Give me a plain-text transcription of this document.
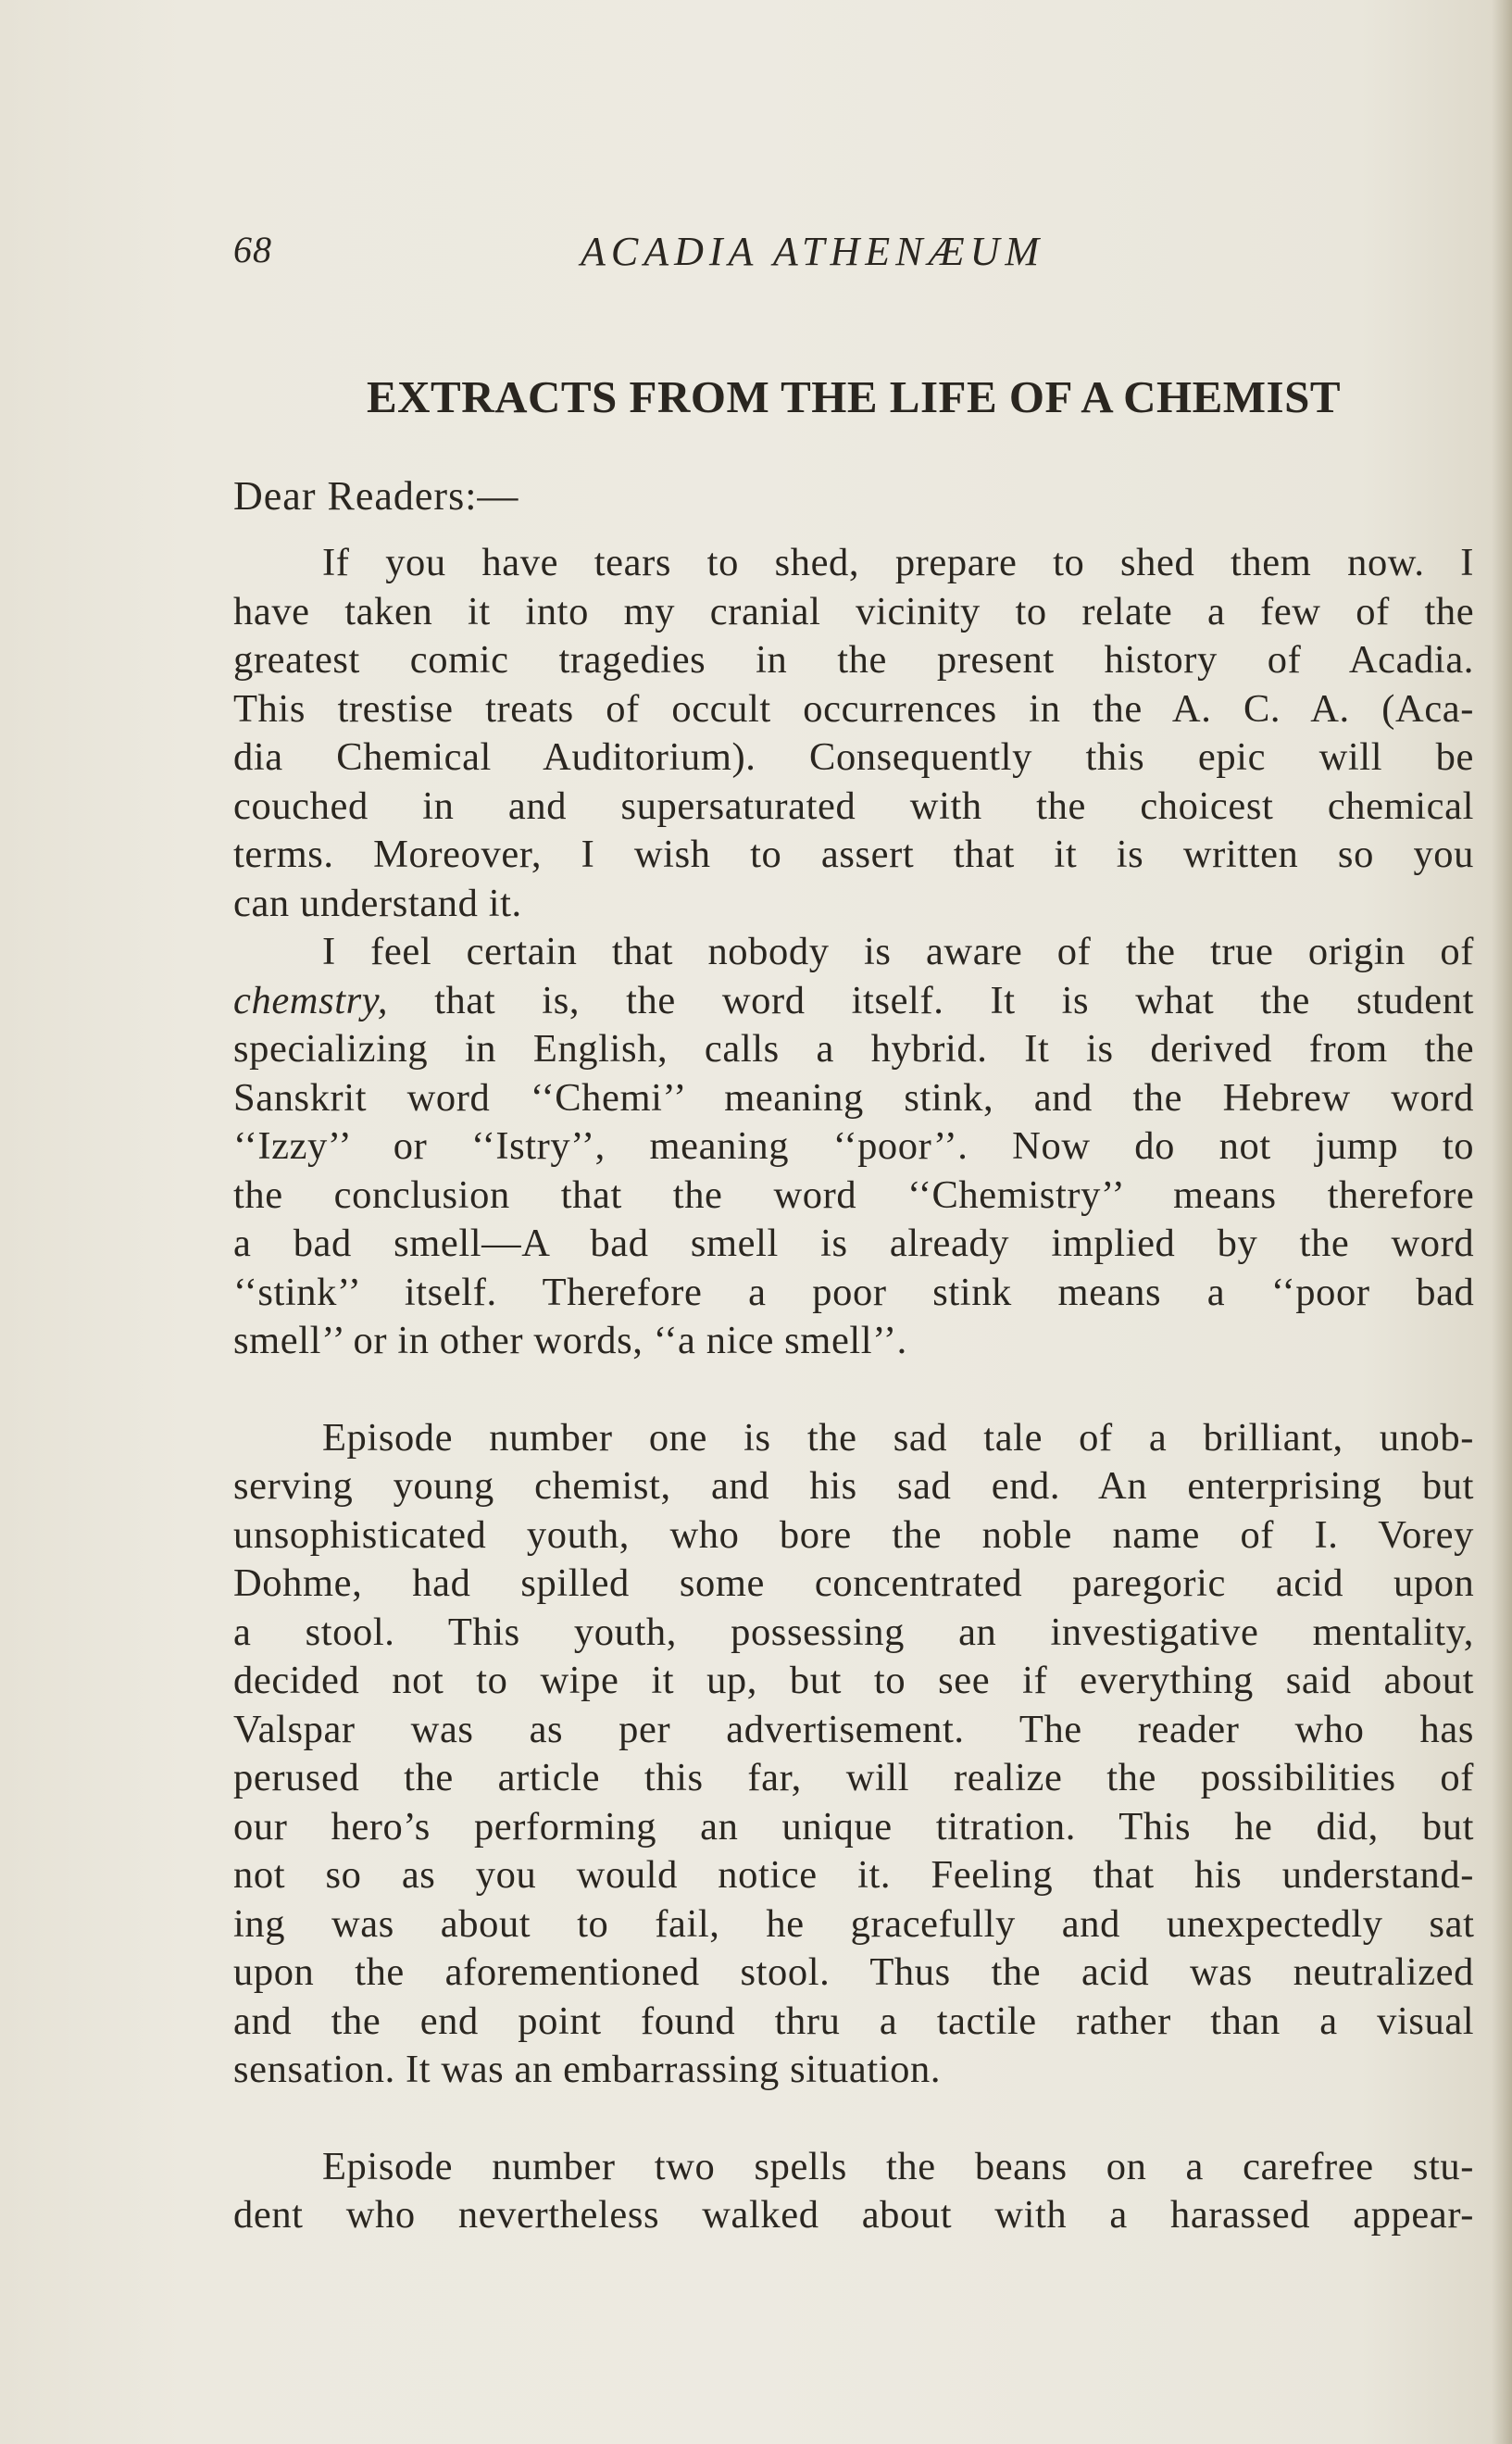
68	ACADIA ATHENÆUM
EXTRACTS FROM THE LIFE OF A CHEMIST
Dear Readers:—

If you have tears to shed, prepare to shed them now. I
have taken it into my cranial vicinity to relate a few of the
greatest comic tragedies in the present history of Acadia.
This trestise treats of occult occurrences in the A. C. A. (Aca-
dia Chemical Auditorium). Consequently this epic will be
couched in and supersaturated with the choicest chemical
terms. Moreover, I wish to assert that it is written so you
can understand it.

I feel certain that nobody is aware of the true origin of
chemstry, that is, the word itself. It is what the student
specializing in English, calls a hybrid. It is derived from the
Sanskrit word ‘‘Chemi’’ meaning stink, and the Hebrew word
‘‘Izzy’’ or ‘‘Istry’’, meaning ‘‘poor’’. Now do not jump to
the conclusion that the word ‘‘Chemistry’’ means therefore
a bad smell—A bad smell is already implied by the word
‘‘stink’’ itself. Therefore a poor stink means a ‘‘poor bad
smell’’ or in other words, ‘‘a nice smell’’.

Episode number one is the sad tale of a brilliant, unob-
serving young chemist, and his sad end. An enterprising but
unsophisticated youth, who bore the noble name of I. Vorey
Dohme, had spilled some concentrated paregoric acid upon
a stool. This youth, possessing an investigative mentality,
decided not to wipe it up, but to see if everything said about
Valspar was as per advertisement. The reader who has
perused the article this far, will realize the possibilities of
our hero’s performing an unique titration. This he did, but
not so as you would notice it. Feeling that his understand-
ing was about to fail, he gracefully and unexpectedly sat
upon the aforementioned stool. Thus the acid was neutralized
and the end point found thru a tactile rather than a visual
sensation. It was an embarrassing situation.

Episode number two spells the beans on a carefree stu-
dent who nevertheless walked about with a harassed appear-
